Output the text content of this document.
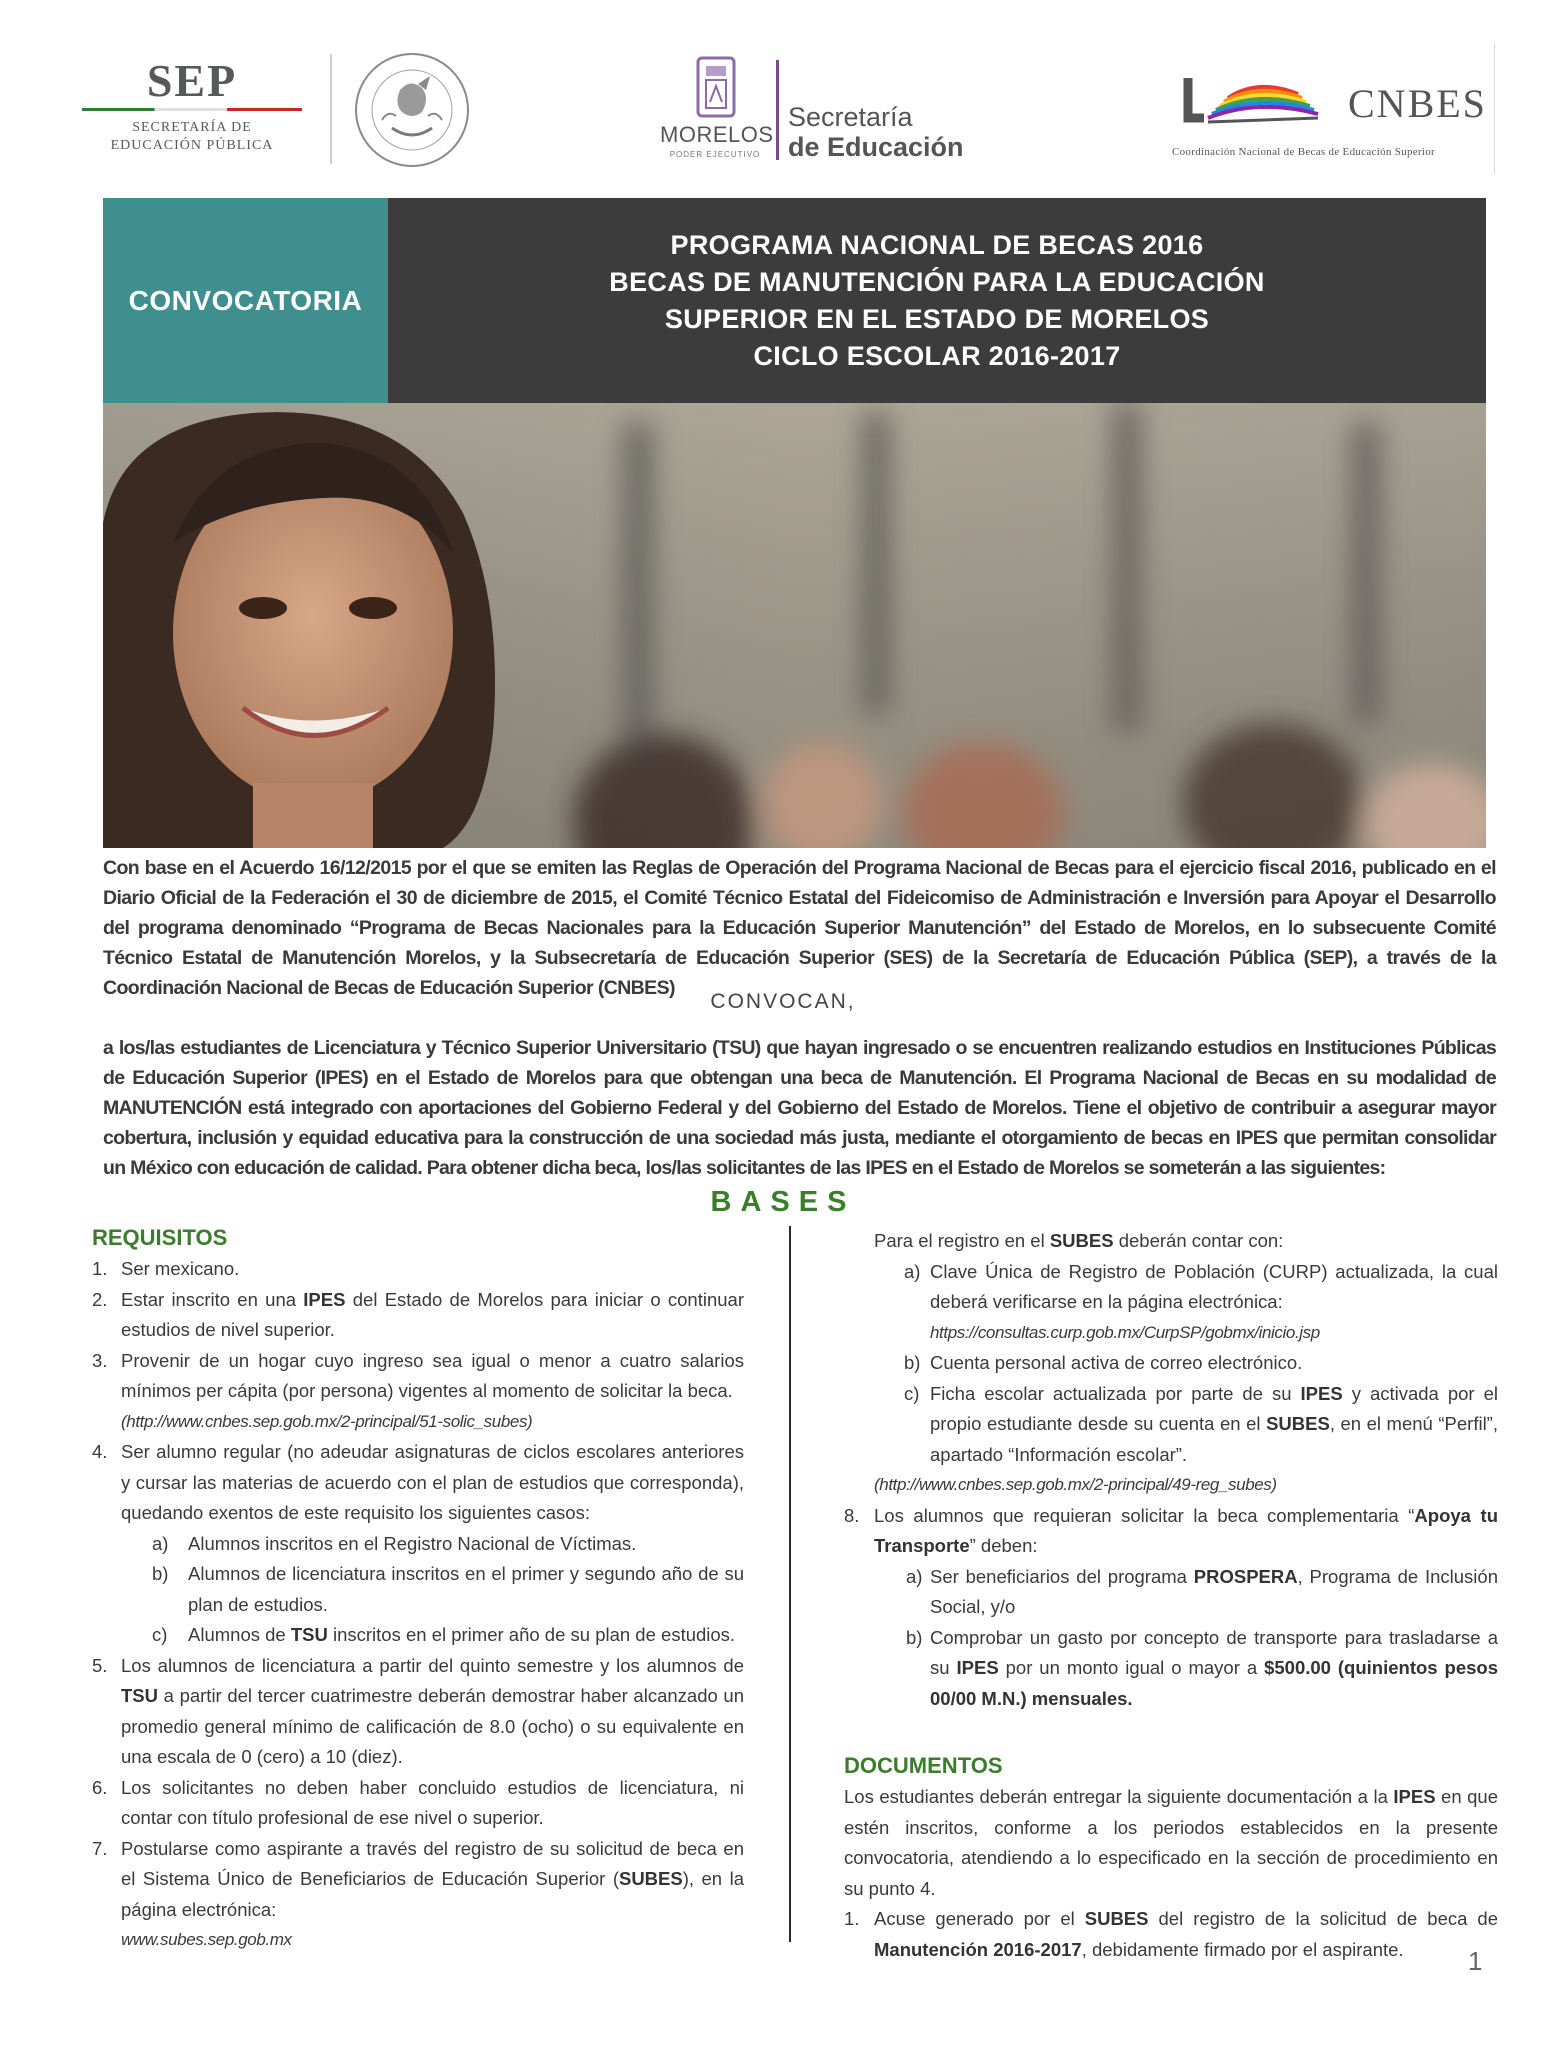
SEP
SECRETARÍA DE
EDUCACIÓN PÚBLICA	MORELOS
PODER EJECUTIVO
Secretaría
de Educación
CNBES
Coordinación Nacional de Becas de Educación Superior
CONVOCATORIA
PROGRAMA NACIONAL DE BECAS 2016
BECAS DE MANUTENCIÓN PARA LA EDUCACIÓN
SUPERIOR EN EL ESTADO DE MORELOS
CICLO ESCOLAR 2016-2017

Con base en el Acuerdo 16/12/2015 por el que se emiten las Reglas de Operación del Programa Nacional de Becas para el ejercicio fiscal 2016, publicado en el Diario Oficial de la Federación el 30 de diciembre de 2015, el Comité Técnico Estatal del Fideicomiso de Administración e Inversión para Apoyar el Desarrollo del programa denominado “Programa de Becas Nacionales para la Educación Superior Manutención” del Estado de Morelos, en lo subsecuente Comité Técnico Estatal de Manutención Morelos, y la Subsecretaría de Educación Superior (SES) de la Secretaría de Educación Pública (SEP), a través de la Coordinación Nacional de Becas de Educación Superior (CNBES)

CONVOCAN,

a los/las estudiantes de Licenciatura y Técnico Superior Universitario (TSU) que hayan ingresado o se encuentren realizando estudios en Instituciones Públicas de Educación Superior (IPES) en el Estado de Morelos para que obtengan una beca de Manutención. El Programa Nacional de Becas en su modalidad de MANUTENCIÓN está integrado con aportaciones del Gobierno Federal y del Gobierno del Estado de Morelos. Tiene el objetivo de contribuir a asegurar mayor cobertura, inclusión y equidad educativa para la construcción de una sociedad más justa, mediante el otorgamiento de becas en IPES que permitan consolidar un México con educación de calidad. Para obtener dicha beca, los/las solicitantes de las IPES en el Estado de Morelos se someterán a las siguientes:

BASES
REQUISITOS
1. Ser mexicano.
2. Estar inscrito en una IPES del Estado de Morelos para iniciar o continuar estudios de nivel superior.
3. Provenir de un hogar cuyo ingreso sea igual o menor a cuatro salarios mínimos per cápita (por persona) vigentes al momento de solicitar la beca.
(http://www.cnbes.sep.gob.mx/2-principal/51-solic_subes)
4. Ser alumno regular (no adeudar asignaturas de ciclos escolares anteriores y cursar las materias de acuerdo con el plan de estudios que corresponda), quedando exentos de este requisito los siguientes casos:
a) Alumnos inscritos en el Registro Nacional de Víctimas.
b) Alumnos de licenciatura inscritos en el primer y segundo año de su plan de estudios.
c) Alumnos de TSU inscritos en el primer año de su plan de estudios.
5. Los alumnos de licenciatura a partir del quinto semestre y los alumnos de TSU a partir del tercer cuatrimestre deberán demostrar haber alcanzado un promedio general mínimo de calificación de 8.0 (ocho) o su equivalente en una escala de 0 (cero) a 10 (diez).
6. Los solicitantes no deben haber concluido estudios de licenciatura, ni contar con título profesional de ese nivel o superior.
7. Postularse como aspirante a través del registro de su solicitud de beca en el Sistema Único de Beneficiarios de Educación Superior (SUBES), en la página electrónica:
www.subes.sep.gob.mx
Para el registro en el SUBES deberán contar con:
a) Clave Única de Registro de Población (CURP) actualizada, la cual deberá verificarse en la página electrónica:
https://consultas.curp.gob.mx/CurpSP/gobmx/inicio.jsp
b) Cuenta personal activa de correo electrónico.
c) Ficha escolar actualizada por parte de su IPES y activada por el propio estudiante desde su cuenta en el SUBES, en el menú “Perfil”, apartado “Información escolar”.
(http://www.cnbes.sep.gob.mx/2-principal/49-reg_subes)
8. Los alumnos que requieran solicitar la beca complementaria “Apoya tu Transporte” deben:
a) Ser beneficiarios del programa PROSPERA, Programa de Inclusión Social, y/o
b) Comprobar un gasto por concepto de transporte para trasladarse a su IPES por un monto igual o mayor a $500.00 (quinientos pesos 00/00 M.N.) mensuales.
DOCUMENTOS
Los estudiantes deberán entregar la siguiente documentación a la IPES en que estén inscritos, conforme a los periodos establecidos en la presente convocatoria, atendiendo a lo especificado en la sección de procedimiento en su punto 4.
1. Acuse generado por el SUBES del registro de la solicitud de beca de Manutención 2016-2017, debidamente firmado por el aspirante.	1
